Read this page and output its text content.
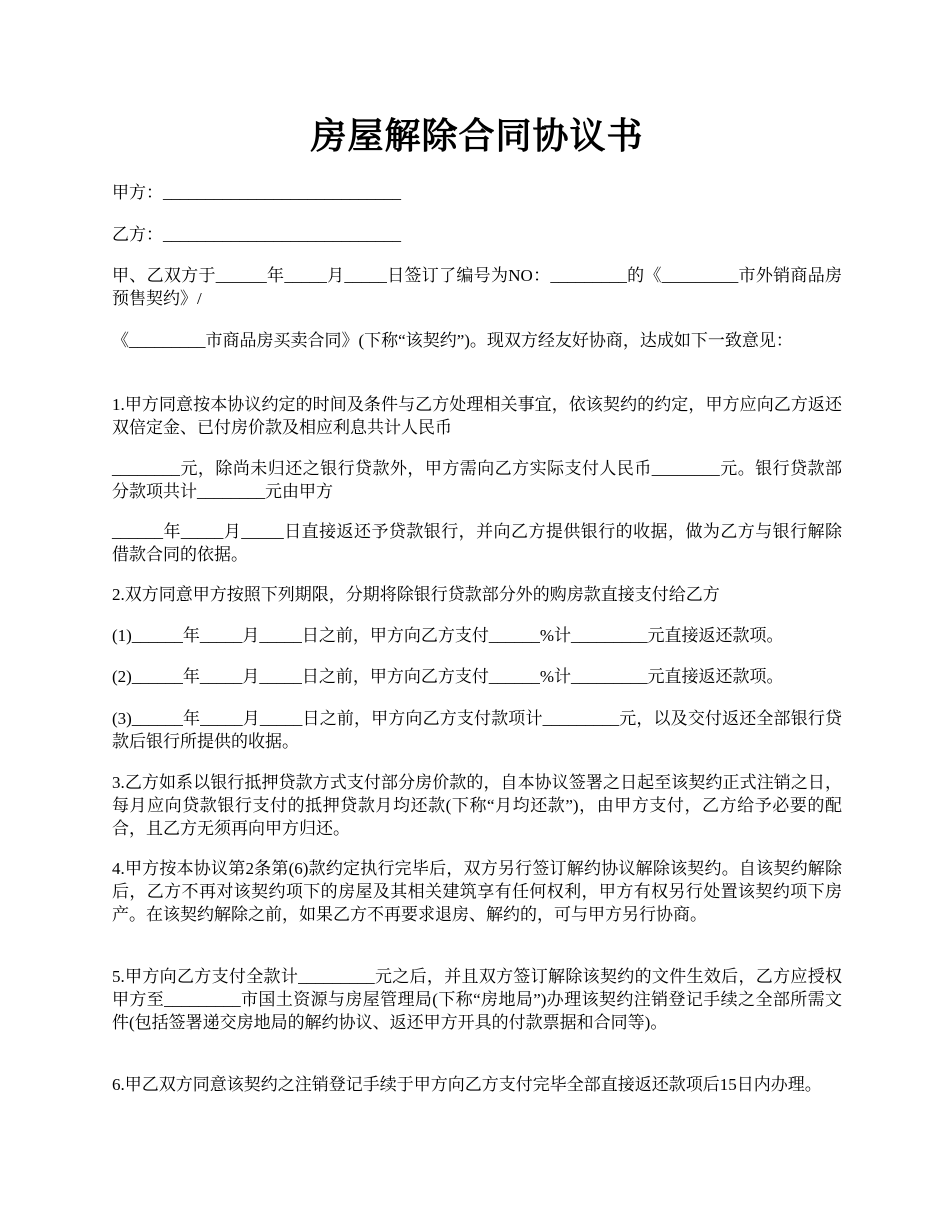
房屋解除合同协议书
甲方：____________________________
乙方：____________________________
甲、乙双方于______年_____月_____日签订了编号为NO：_________的《_________市外销商品房预售契约》/
《_________市商品房买卖合同》(下称“该契约”)。现双方经友好协商，达成如下一致意见：
1.甲方同意按本协议约定的时间及条件与乙方处理相关事宜，依该契约的约定，甲方应向乙方返还双倍定金、已付房价款及相应利息共计人民币
________元，除尚未归还之银行贷款外，甲方需向乙方实际支付人民币________元。银行贷款部分款项共计________元由甲方
______年_____月_____日直接返还予贷款银行，并向乙方提供银行的收据，做为乙方与银行解除借款合同的依据。
2.双方同意甲方按照下列期限，分期将除银行贷款部分外的购房款直接支付给乙方
(1)______年_____月_____日之前，甲方向乙方支付______%计_________元直接返还款项。
(2)______年_____月_____日之前，甲方向乙方支付______%计_________元直接返还款项。
(3)______年_____月_____日之前，甲方向乙方支付款项计_________元，以及交付返还全部银行贷款后银行所提供的收据。
3.乙方如系以银行抵押贷款方式支付部分房价款的，自本协议签署之日起至该契约正式注销之日，每月应向贷款银行支付的抵押贷款月均还款(下称“月均还款”)，由甲方支付，乙方给予必要的配合，且乙方无须再向甲方归还。
4.甲方按本协议第2条第(6)款约定执行完毕后，双方另行签订解约协议解除该契约。自该契约解除后，乙方不再对该契约项下的房屋及其相关建筑享有任何权利，甲方有权另行处置该契约项下房产。在该契约解除之前，如果乙方不再要求退房、解约的，可与甲方另行协商。
5.甲方向乙方支付全款计_________元之后，并且双方签订解除该契约的文件生效后，乙方应授权甲方至_________市国土资源与房屋管理局(下称“房地局”)办理该契约注销登记手续之全部所需文件(包括签署递交房地局的解约协议、返还甲方开具的付款票据和合同等)。
6.甲乙双方同意该契约之注销登记手续于甲方向乙方支付完毕全部直接返还款项后15日内办理。
